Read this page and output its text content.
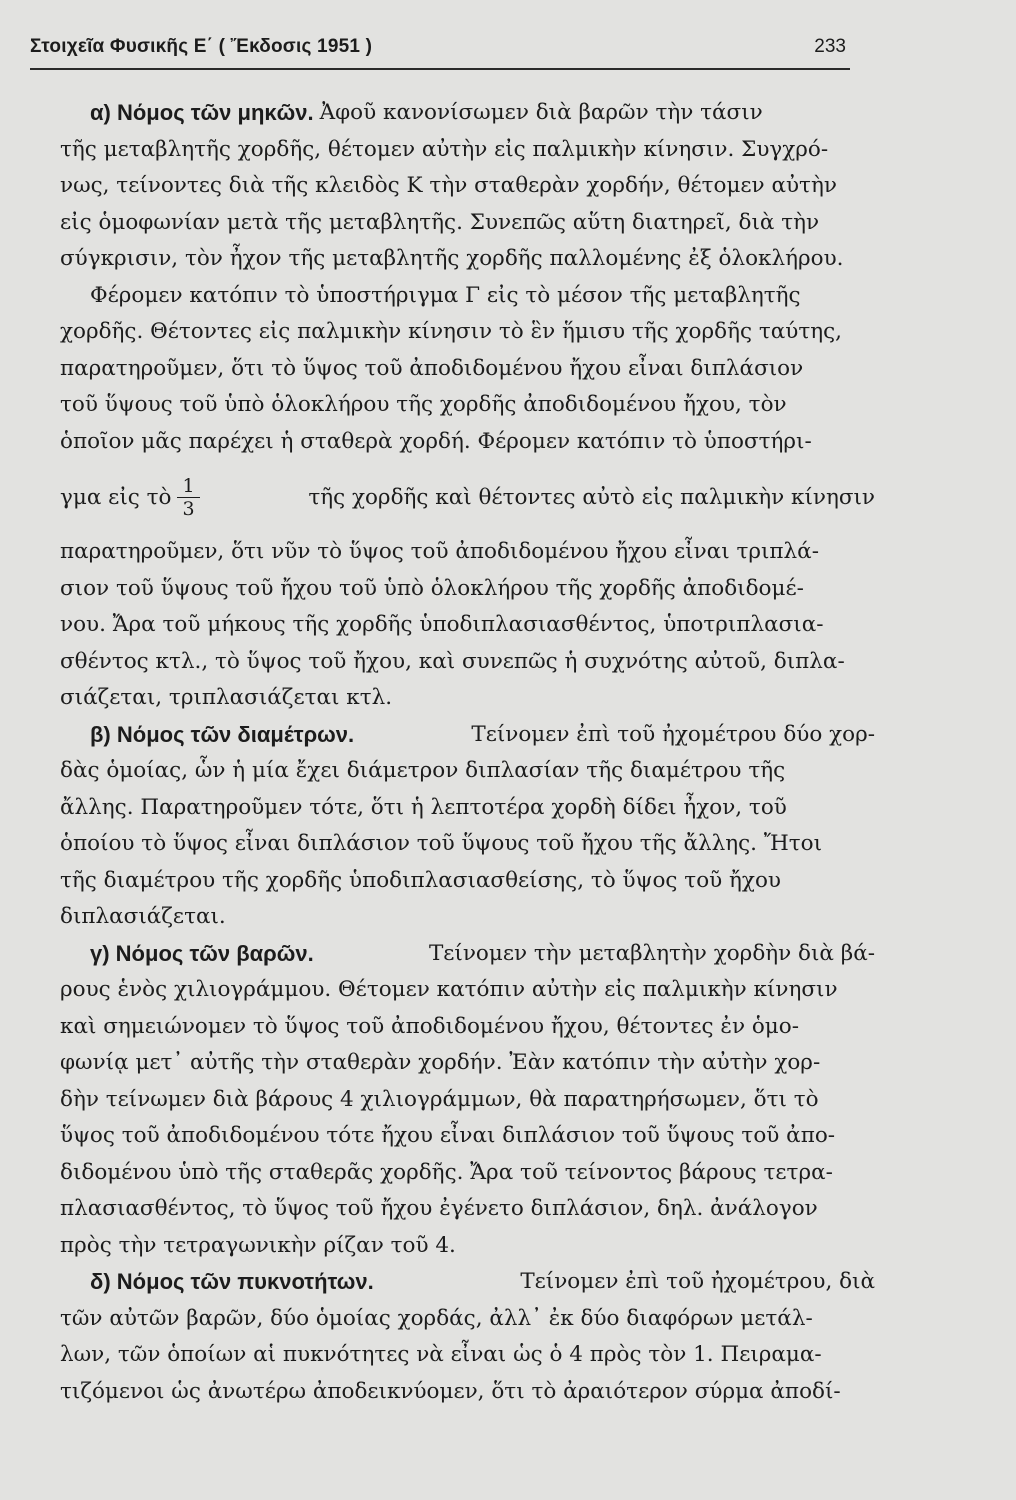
Στοιχεῖα Φυσικῆς Ε΄ ( Ἔκδοσις 1951 )	233
α) Νόμος τῶν μηκῶν. Ἀφοῦ κανονίσωμεν διὰ βαρῶν τὴν τάσιν
τῆς μεταβλητῆς χορδῆς, θέτομεν αὐτὴν εἰς παλμικὴν κίνησιν. Συγχρό-
νως, τείνοντες διὰ τῆς κλειδὸς Κ τὴν σταθερὰν χορδήν, θέτομεν αὐτὴν
εἰς ὁμοφωνίαν μετὰ τῆς μεταβλητῆς. Συνεπῶς αὕτη διατηρεῖ, διὰ τὴν
σύγκρισιν, τὸν ἦχον τῆς μεταβλητῆς χορδῆς παλλομένης ἐξ ὁλοκλήρου.
Φέρομεν κατόπιν τὸ ὑποστήριγμα Γ εἰς τὸ μέσον τῆς μεταβλητῆς
χορδῆς. Θέτοντες εἰς παλμικὴν κίνησιν τὸ ἓν ἥμισυ τῆς χορδῆς ταύτης,
παρατηροῦμεν, ὅτι τὸ ὕψος τοῦ ἀποδιδομένου ἤχου εἶναι διπλάσιον
τοῦ ὕψους τοῦ ὑπὸ ὁλοκλήρου τῆς χορδῆς ἀποδιδομένου ἤχου, τὸν
ὁποῖον μᾶς παρέχει ἡ σταθερὰ χορδή. Φέρομεν κατόπιν τὸ ὑποστήρι-
γμα εἰς τὸ $\frac{1}{3}$	τῆς χορδῆς καὶ θέτοντες αὐτὸ εἰς παλμικὴν κίνησιν
παρατηροῦμεν, ὅτι νῦν τὸ ὕψος τοῦ ἀποδιδομένου ἤχου εἶναι τριπλά-
σιον τοῦ ὕψους τοῦ ἤχου τοῦ ὑπὸ ὁλοκλήρου τῆς χορδῆς ἀποδιδομέ-
νου. Ἄρα τοῦ μήκους τῆς χορδῆς ὑποδιπλασιασθέντος, ὑποτριπλασια-
σθέντος κτλ., τὸ ὕψος τοῦ ἤχου, καὶ συνεπῶς ἡ συχνότης αὐτοῦ, διπλα-
σιάζεται, τριπλασιάζεται κτλ.
β) Νόμος τῶν διαμέτρων.	Τείνομεν ἐπὶ τοῦ ἠχομέτρου δύο χορ-
δὰς ὁμοίας, ὧν ἡ μία ἔχει διάμετρον διπλασίαν τῆς διαμέτρου τῆς
ἄλλης. Παρατηροῦμεν τότε, ὅτι ἡ λεπτοτέρα χορδὴ δίδει ἦχον, τοῦ
ὁποίου τὸ ὕψος εἶναι διπλάσιον τοῦ ὕψους τοῦ ἤχου τῆς ἄλλης. Ἤτοι
τῆς διαμέτρου τῆς χορδῆς ὑποδιπλασιασθείσης, τὸ ὕψος τοῦ ἤχου
διπλασιάζεται.
γ) Νόμος τῶν βαρῶν.	Τείνομεν τὴν μεταβλητὴν χορδὴν διὰ βά-
ρους ἑνὸς χιλιογράμμου. Θέτομεν κατόπιν αὐτὴν εἰς παλμικὴν κίνησιν
καὶ σημειώνομεν τὸ ὕψος τοῦ ἀποδιδομένου ἤχου, θέτοντες ἐν ὁμο-
φωνίᾳ μετ᾽ αὐτῆς τὴν σταθερὰν χορδήν. Ἐὰν κατόπιν τὴν αὐτὴν χορ-
δὴν τείνωμεν διὰ βάρους 4 χιλιογράμμων, θὰ παρατηρήσωμεν, ὅτι τὸ
ὕψος τοῦ ἀποδιδομένου τότε ἤχου εἶναι διπλάσιον τοῦ ὕψους τοῦ ἀπο-
διδομένου ὑπὸ τῆς σταθερᾶς χορδῆς. Ἄρα τοῦ τείνοντος βάρους τετρα-
πλασιασθέντος, τὸ ὕψος τοῦ ἤχου ἐγένετο διπλάσιον, δηλ. ἀνάλογον
πρὸς τὴν τετραγωνικὴν ρίζαν τοῦ 4.
δ) Νόμος τῶν πυκνοτήτων.	Τείνομεν ἐπὶ τοῦ ἠχομέτρου, διὰ
τῶν αὐτῶν βαρῶν, δύο ὁμοίας χορδάς, ἀλλ᾽ ἐκ δύο διαφόρων μετάλ-
λων, τῶν ὁποίων αἱ πυκνότητες νὰ εἶναι ὡς ὁ 4 πρὸς τὸν 1. Πειραμα-
τιζόμενοι ὡς ἀνωτέρω ἀποδεικνύομεν, ὅτι τὸ ἀραιότερον σύρμα ἀποδί-
